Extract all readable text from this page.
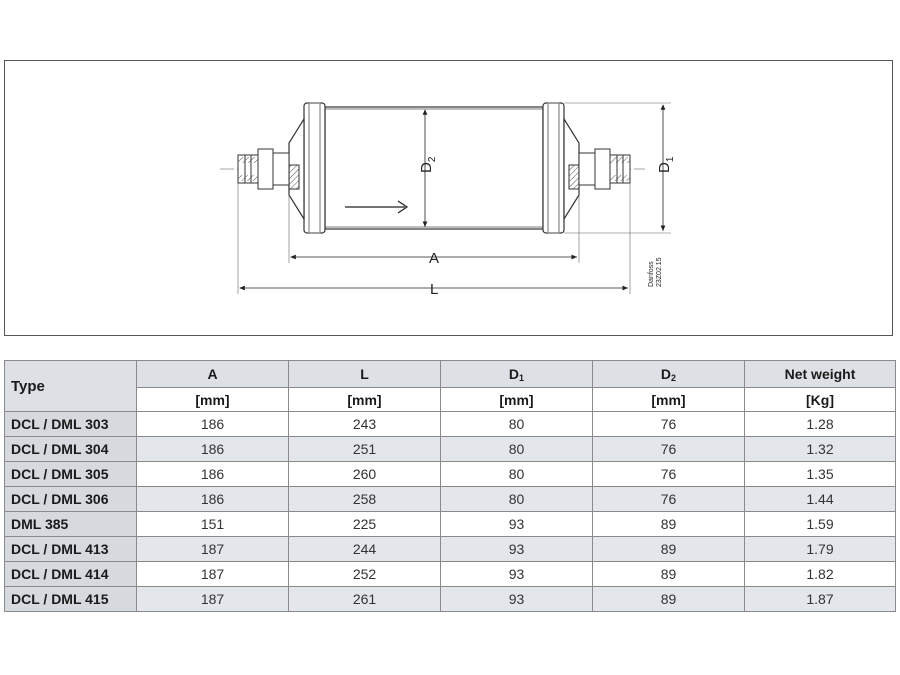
$D_2$
$D_1$
A
L
Danfoss 23Z02.15
Type	A	L	$D_1$	$D_2$	Net weight
	[mm]	[mm]	[mm]	[mm]	[Kg]
DCL / DML 303	186	243	80	76	1.28
DCL / DML 304	186	251	80	76	1.32
DCL / DML 305	186	260	80	76	1.35
DCL / DML 306	186	258	80	76	1.44
DML 385	151	225	93	89	1.59
DCL / DML 413	187	244	93	89	1.79
DCL / DML 414	187	252	93	89	1.82
DCL / DML 415	187	261	93	89	1.87
